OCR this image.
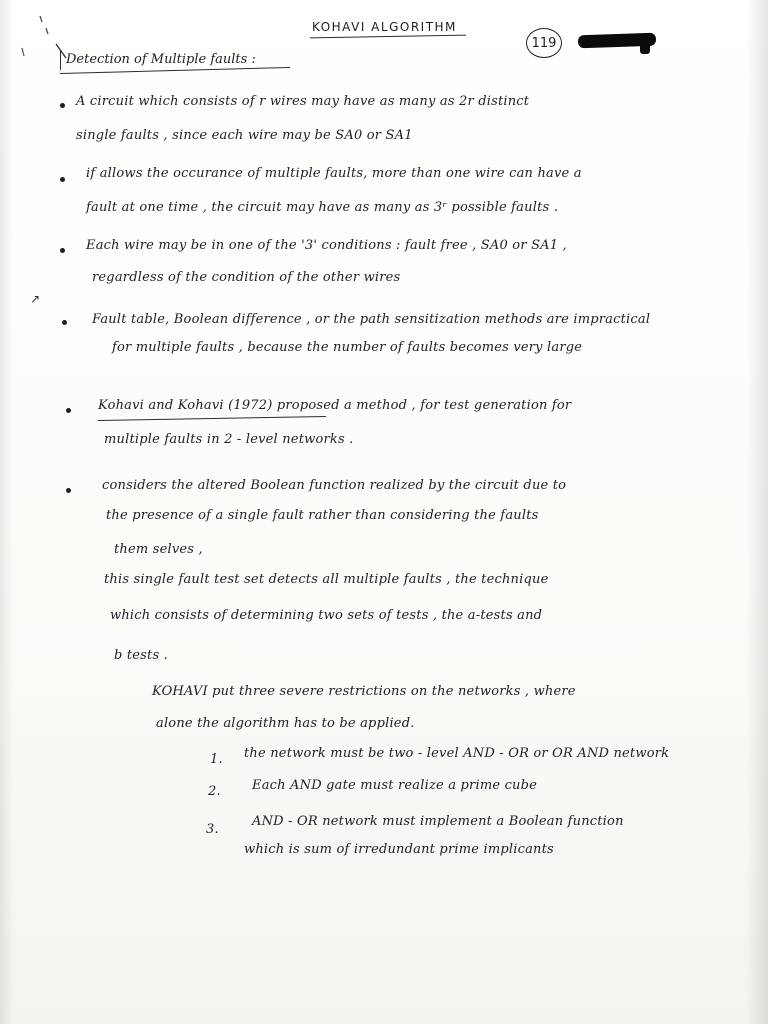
KOHAVI ALGORITHM
119
Detection of Multiple faults :
A circuit which consists of r wires may have as many as 2r distinct
single faults , since each wire may be SA0 or SA1
if allows the occurance of multiple faults, more than one wire can have a
fault at one time , the circuit may have as many as 3ʳ possible faults .
Each wire may be in one of the '3' conditions : fault free , SA0 or SA1 ,
regardless of the condition of the other wires
↗
Fault table, Boolean difference , or the path sensitization methods are impractical
for multiple faults , because the number of faults becomes very large
Kohavi and Kohavi (1972) proposed a method , for test generation for
multiple faults in 2 - level networks .
considers the altered Boolean function realized by the circuit due to
the presence of a single fault rather than considering the faults
them selves ,
this single fault test set detects all multiple faults , the technique
which consists of determining two sets of tests , the a-tests and
b tests .
KOHAVI put three severe restrictions on the networks , where
alone the algorithm has to be applied.
1. the network must be two - level AND - OR or OR AND network
2. Each AND gate must realize a prime cube
3.
AND - OR network must implement a Boolean function
which is sum of irredundant prime implicants
